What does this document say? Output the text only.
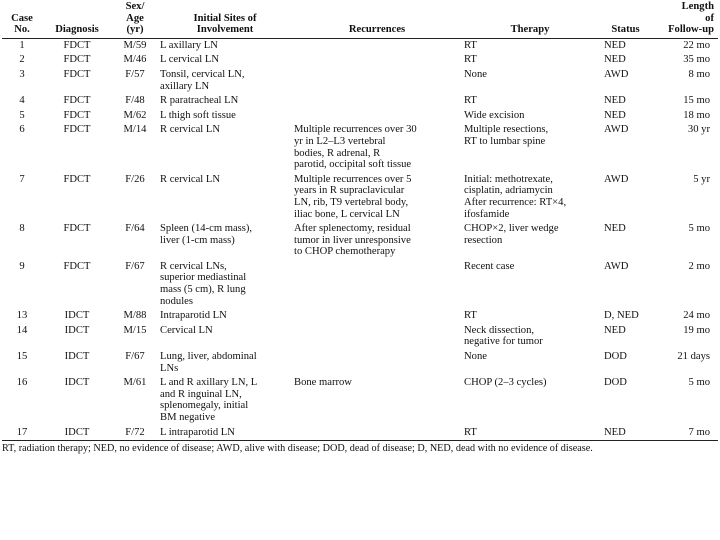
Case
No.	Diagnosis	Sex/
Age
(yr)	Initial Sites of
Involvement	Recurrences	Therapy	Status	Length
of
Follow-up

1	FDCT	M/59	L axillary LN		RT	NED	22 mo
2	FDCT	M/46	L cervical LN		RT	NED	35 mo
3	FDCT	F/57	Tonsil, cervical LN,
axillary LN		None	AWD	8 mo
4	FDCT	F/48	R paratracheal LN		RT	NED	15 mo
5	FDCT	M/62	L thigh soft tissue		Wide excision	NED	18 mo
6	FDCT	M/14	R cervical LN	Multiple recurrences over 30
yr in L2–L3 vertebral
bodies, R adrenal, R
parotid, occipital soft tissue	Multiple resections,
RT to lumbar spine	AWD	30 yr
7	FDCT	F/26	R cervical LN	Multiple recurrences over 5
years in R supraclavicular
LN, rib, T9 vertebral body,
iliac bone, L cervical LN	Initial: methotrexate,
cisplatin, adriamycin
After recurrence: RT×4,
ifosfamide	AWD	5 yr
8	FDCT	F/64	Spleen (14-cm mass),
liver (1-cm mass)	After splenectomy, residual
tumor in liver unresponsive
to CHOP chemotherapy	CHOP×2, liver wedge
resection	NED	5 mo
9	FDCT	F/67	R cervical LNs,
superior mediastinal
mass (5 cm), R lung
nodules		Recent case	AWD	2 mo
13	IDCT	M/88	Intraparotid LN		RT	D, NED	24 mo
14	IDCT	M/15	Cervical LN		Neck dissection,
negative for tumor	NED	19 mo
15	IDCT	F/67	Lung, liver, abdominal
LNs		None	DOD	21 days
16	IDCT	M/61	L and R axillary LN, L
and R inguinal LN,
splenomegaly, initial
BM negative	Bone marrow	CHOP (2–3 cycles)	DOD	5 mo
17	IDCT	F/72	L intraparotid LN		RT	NED	7 mo
RT, radiation therapy; NED, no evidence of disease; AWD, alive with disease; DOD, dead of disease; D, NED, dead with no evidence of disease.							
